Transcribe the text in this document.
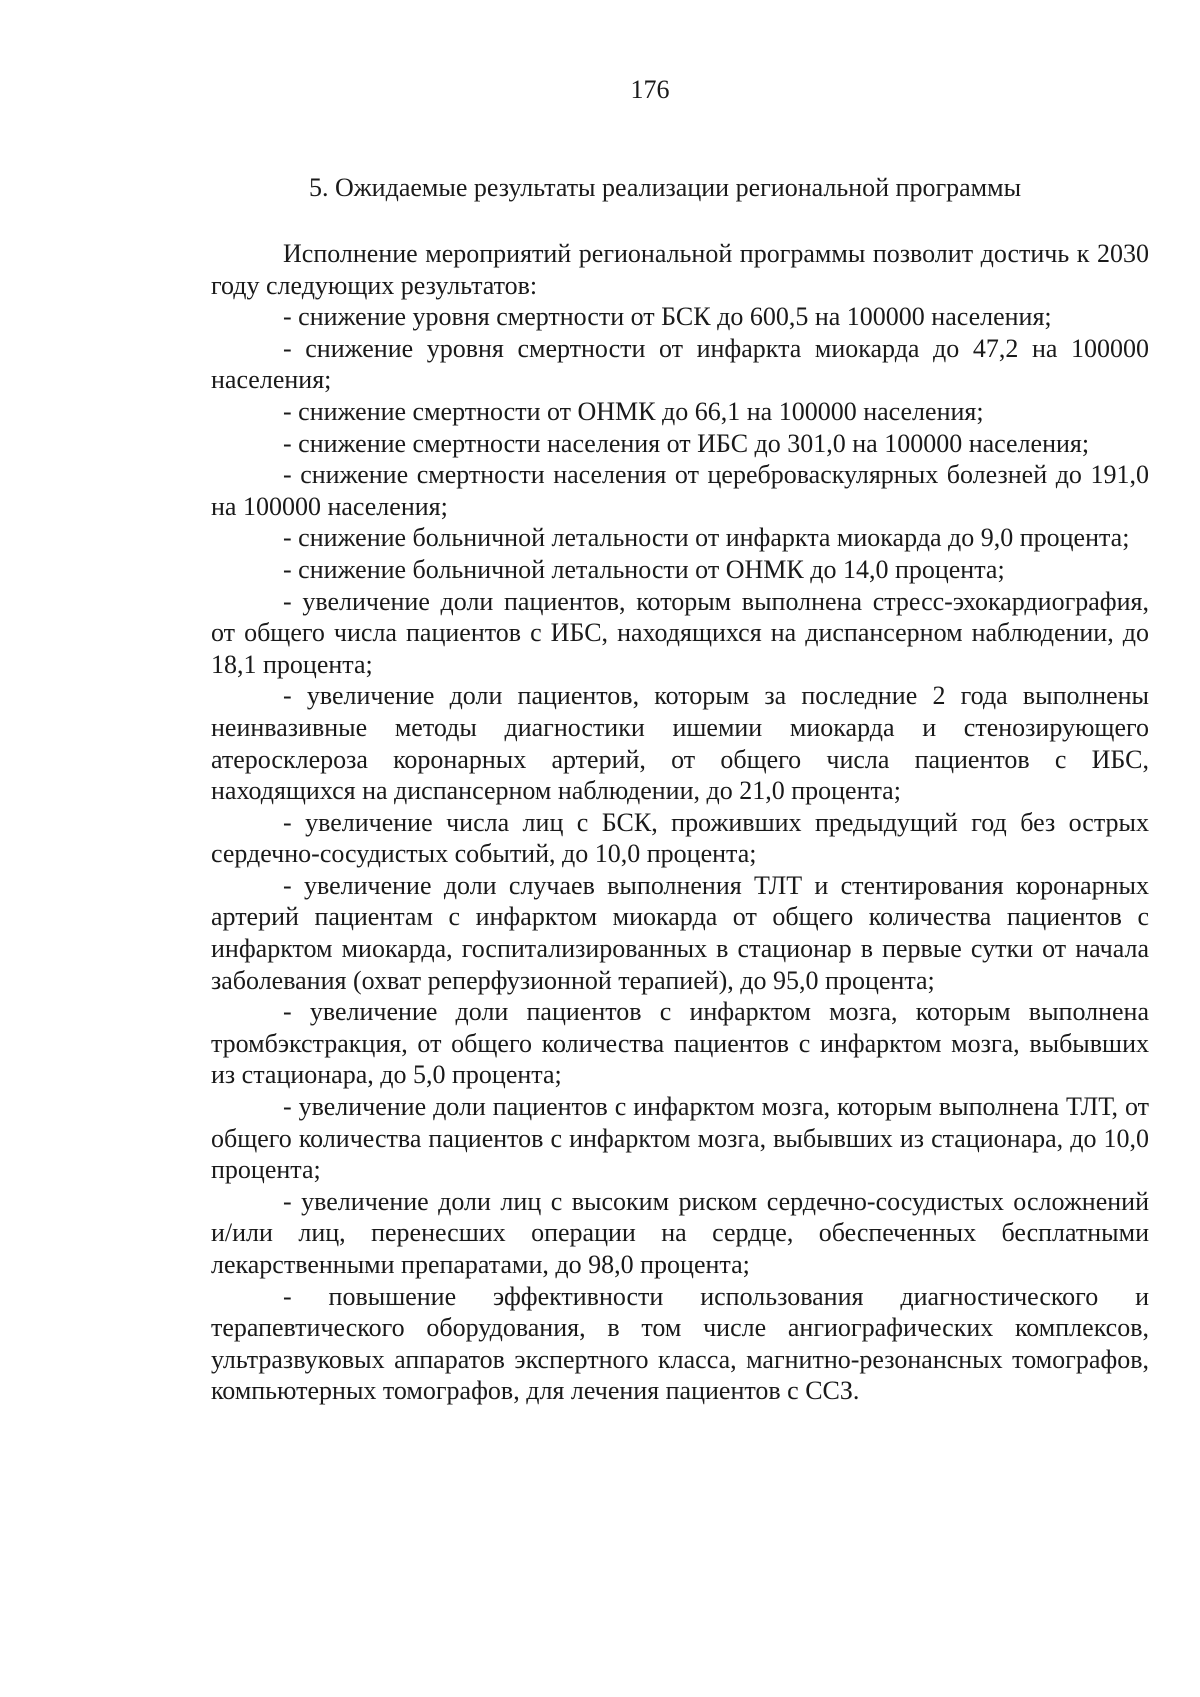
176
5. Ожидаемые результаты реализации региональной программы

Исполнение мероприятий региональной программы позволит достичь к 2030 году следующих результатов:

- снижение уровня смертности от БСК до 600,5 на 100000 населения;

- снижение уровня смертности от инфаркта миокарда до 47,2 на 100000 населения;

- снижение смертности от ОНМК до 66,1 на 100000 населения;

- снижение смертности населения от ИБС до 301,0 на 100000 населения;

- снижение смертности населения от цереброваскулярных болезней до 191,0 на 100000 населения;

- снижение больничной летальности от инфаркта миокарда до 9,0 процента;

- снижение больничной летальности от ОНМК до 14,0 процента;

- увеличение доли пациентов, которым выполнена стресс-эхокардиография, от общего числа пациентов с ИБС, находящихся на диспансерном наблюдении, до 18,1 процента;

- увеличение доли пациентов, которым за последние 2 года выполнены неинвазивные методы диагностики ишемии миокарда и стенозирующего атеросклероза коронарных артерий, от общего числа пациентов с ИБС, находящихся на диспансерном наблюдении, до 21,0 процента;

- увеличение числа лиц с БСК, проживших предыдущий год без острых сердечно-сосудистых событий, до 10,0 процента;

- увеличение доли случаев выполнения ТЛТ и стентирования коронарных артерий пациентам с инфарктом миокарда от общего количества пациентов с инфарктом миокарда, госпитализированных в стационар в первые сутки от начала заболевания (охват реперфузионной терапией), до 95,0 процента;

- увеличение доли пациентов с инфарктом мозга, которым выполнена тромбэкстракция, от общего количества пациентов с инфарктом мозга, выбывших из стационара, до 5,0 процента;

- увеличение доли пациентов с инфарктом мозга, которым выполнена ТЛТ, от общего количества пациентов с инфарктом мозга, выбывших из стационара, до 10,0 процента;

- увеличение доли лиц с высоким риском сердечно-сосудистых осложнений и/или лиц, перенесших операции на сердце, обеспеченных бесплатными лекарственными препаратами, до 98,0 процента;

- повышение эффективности использования диагностического и терапевтического оборудования, в том числе ангиографических комплексов, ультразвуковых аппаратов экспертного класса, магнитно-резонансных томографов, компьютерных томографов, для лечения пациентов с ССЗ.
